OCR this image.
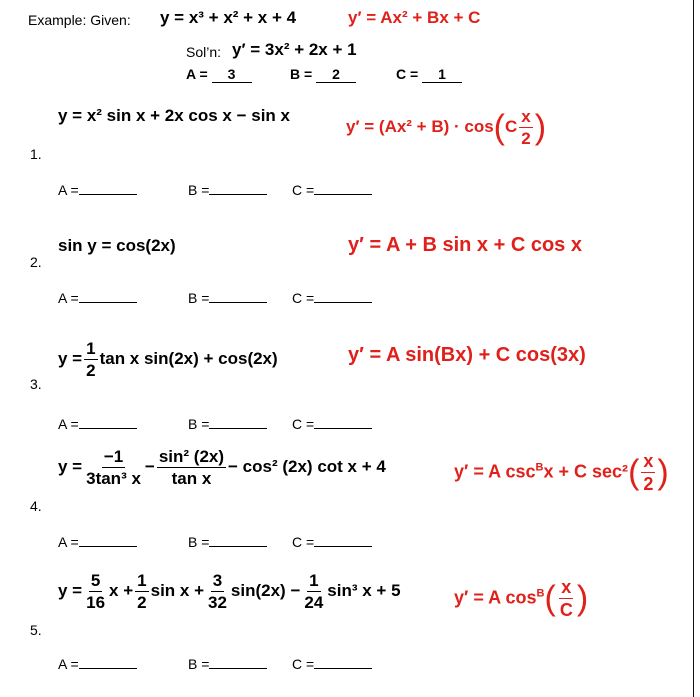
Example: Given: y = x³ + x² + x + 4	y′ = Ax² + Bx + C
Sol’n: y′ = 3x² + 2x + 1
A = 3	B = 2	C = 1
y = x² sin x + 2x cos x − sin x
$y' = (Ax^2 + B) \cdot \cos(C \frac{x}{2}$ )
1.
A =	B =	C =
sin y = cos(2x)	y′ = A + B sin x + C cos x
2.
A =	B =	C =
$y = \frac{1}{2}$ tan x sin(2x) + cos(2x)	y′ = A sin(Bx) + C cos(3x)
3.
A =	B =	C =
$y = \frac{-1}{\text{3tan³ x}} - \frac{\text{sin² (2x)}}{\text{tan x}} - \cos^2$ (2x) cot x + 4	y′ = A $\csc^Bx + C$ $\sec^2( \frac{x}{2}$ )
4.
A =	B =	C =
$y = \frac{5}{16}$ $x + \frac{1}{2}$ $\sin x + \frac{3}{32} \sin(2x) - \frac{1}{24} \sin^3$ x + 5	y′ = A $\cos^B( \frac{x}{C}$ )
5.
A =	B =	C =
